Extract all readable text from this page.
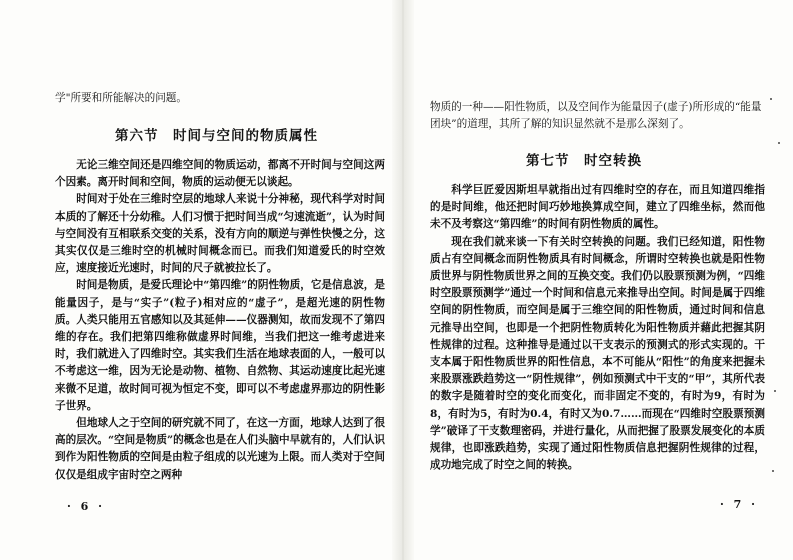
学"所要和所能解决的问题。
第六节　时间与空间的物质属性

无论三维空间还是四维空间的物质运动，都离不开时间与空间这两个因素。离开时间和空间，物质的运动便无以谈起。

时间对于处在三维时空层的地球人来说十分神秘，现代科学对时间本质的了解还十分幼稚。人们习惯于把时间当成“匀速流逝”，认为时间与空间没有互相联系交变的关系，没有方向的顺逆与弹性快慢之分，这其实仅仅是三维时空的机械时间概念而已。而我们知道爱氏的时空效应，速度接近光速时，时间的尺子就被拉长了。

时间是物质，是爱氏理论中“第四维”的阴性物质，它是信息波，是能量因子，是与“实子”(粒子)相对应的“虚子”，是超光速的阴性物质。人类只能用五官感知以及其延伸——仪器测知，故而发现不了第四维的存在。我们把第四维称做虚界时间维，当我们把这一维考虑进来时，我们就进入了四维时空。其实我们生活在地球表面的人，一般可以不考虑这一维，因为无论是动物、植物、自然物、其运动速度比起光速来微不足道，故时间可视为恒定不变，即可以不考虑虚界那边的阴性影子世界。

但地球人之于空间的研究就不同了，在这一方面，地球人达到了很高的层次。“空间是物质”的概念也是在人们头脑中早就有的，人们认识到作为阳性物质的空间是由粒子组成的以光速为上限。而人类对于空间仅仅是组成宇宙时空之两种

· 6 ·
物质的一种——阳性物质，以及空间作为能量因子(虚子)所形成的“能量团块”的道理，其所了解的知识显然就不是那么深刻了。
第七节　时空转换

科学巨匠爱因斯坦早就指出过有四维时空的存在，而且知道四维指的是时间维，他还把时间巧妙地换算成空间，建立了四维坐标，然而他未不及考察这“第四维”的时间有阴性物质的属性。

现在我们就来谈一下有关时空转换的问题。我们已经知道，阳性物质占有空间概念而阴性物质具有时间概念，所谓时空转换也就是阳性物质世界与阴性物质世界之间的互换交变。我们仍以股票预测为例，“四维时空股票预测学”通过一个时间和信息元来推导出空间。时间是属于四维空间的阴性物质，而空间是属于三维空间的阳性物质，通过时间和信息元推导出空间，也即是一个把阴性物质转化为阳性物质并藉此把握其阴性规律的过程。这种推导是通过以干支表示的预测式的形式实现的。干支本属于阳性物质世界的阳性信息，本不可能从“阳性”的角度来把握未来股票涨跌趋势这一“阴性规律”，例如预测式中干支的“甲”，其所代表的数字是随着时空的变化而变化，而非固定不变的，有时为9，有时为8，有时为5，有时为0.4，有时又为0.7……而现在“四维时空股票预测学”破译了干支数理密码，并进行量化，从而把握了股票发展变化的本质规律，也即涨跌趋势，实现了通过阳性物质信息把握阴性规律的过程，成功地完成了时空之间的转换。

· 7 ·
